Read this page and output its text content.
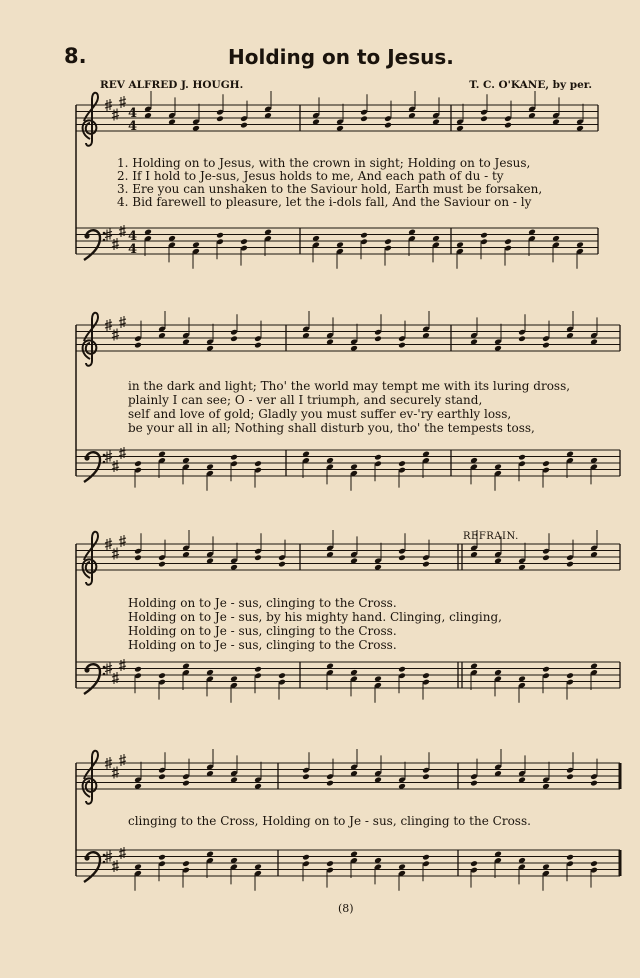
8.	Holding on to Jesus.
REV ALFRED J. HOUGH.	T. C. O'KANE, by per.
4
4
4
4
1. Holding on to Jesus, with the crown in sight; Holding on to Jesus,
2. If I hold to Je-sus, Jesus holds to me, And each path of du - ty
3. Ere you can unshaken to the Saviour hold, Earth must be forsaken,
4. Bid farewell to pleasure, let the i-dols fall, And the Saviour on - ly
in the dark and light; Tho' the world may tempt me with its luring dross,
plainly I can see; O - ver all I triumph, and securely stand,
self and love of gold; Gladly you must suffer ev-'ry earthly loss,
be your all in all; Nothing shall disturb you, tho' the tempests toss,
REFRAIN.
Holding on to Je - sus, clinging to the Cross.
Holding on to Je - sus, by his mighty hand. Clinging, clinging,
Holding on to Je - sus, clinging to the Cross.
Holding on to Je - sus, clinging to the Cross.
clinging to the Cross, Holding on to Je - sus, clinging to the Cross.
(8)
